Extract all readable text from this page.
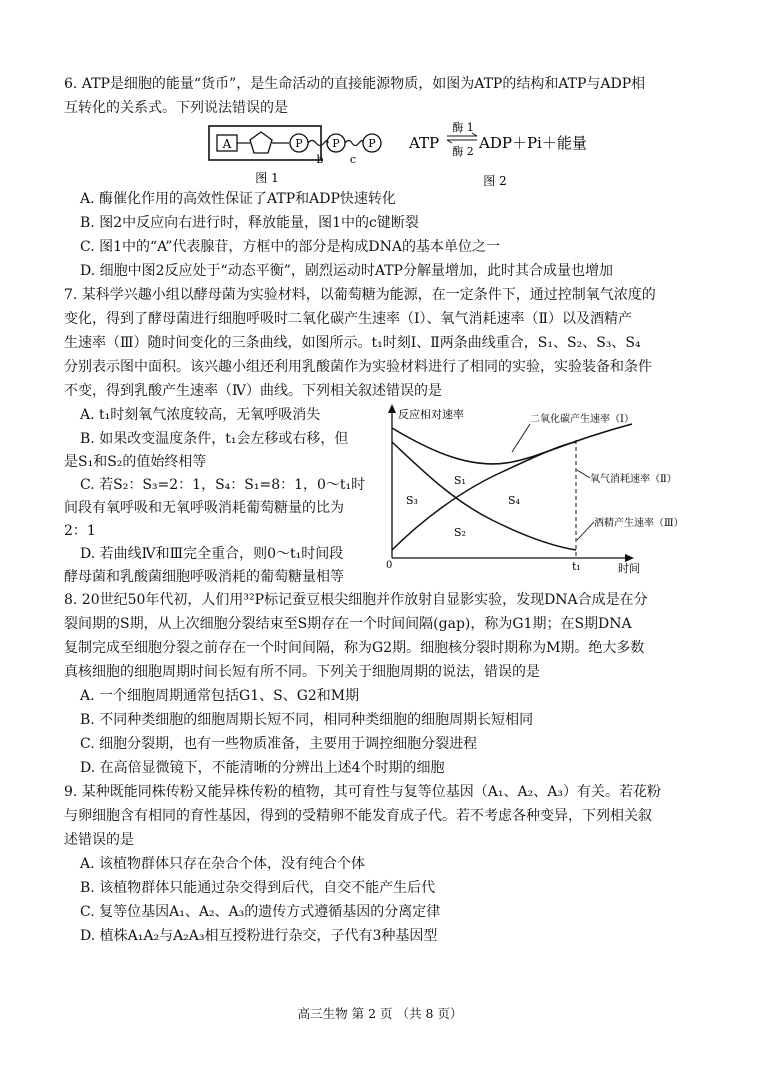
6. ATP是细胞的能量“货币”，是生命活动的直接能源物质，如图为ATP的结构和ATP与ADP相
互转化的关系式。下列说法错误的是
A	P	P	P
b c
图 1
ATP
酶 1
酶 2 ADP＋Pi＋能量
图 2
A. 酶催化作用的高效性保证了ATP和ADP快速转化
B. 图2中反应向右进行时，释放能量，图1中的c键断裂
C. 图1中的“A”代表腺苷，方框中的部分是构成DNA的基本单位之一
D. 细胞中图2反应处于“动态平衡”，剧烈运动时ATP分解量增加，此时其合成量也增加
7. 某科学兴趣小组以酵母菌为实验材料，以葡萄糖为能源，在一定条件下，通过控制氧气浓度的
变化，得到了酵母菌进行细胞呼吸时二氧化碳产生速率（Ⅰ）、氧气消耗速率（Ⅱ）以及酒精产
生速率（Ⅲ）随时间变化的三条曲线，如图所示。t₁时刻Ⅰ、Ⅱ两条曲线重合，S₁、S₂、S₃、S₄
分别表示图中面积。该兴趣小组还利用乳酸菌作为实验材料进行了相同的实验，实验装备和条件
不变，得到乳酸产生速率（Ⅳ）曲线。下列相关叙述错误的是
A. t₁时刻氧气浓度较高，无氧呼吸消失
B. 如果改变温度条件，t₁会左移或右移，但
是S₁和S₂的值始终相等
C. 若S₂：S₃=2：1，S₄：S₁=8：1，0～t₁时
间段有氧呼吸和无氧呼吸消耗葡萄糖量的比为
2：1
D. 若曲线Ⅳ和Ⅲ完全重合，则0～t₁时间段
酵母菌和乳酸菌细胞呼吸消耗的葡萄糖量相等
反应相对速率
时间
0	t₁
二氧化碳产生速率（Ⅰ）
氧气消耗速率（Ⅱ）
酒精产生速率（Ⅲ）
S₁
S₃	S₄
S₂
8. 20世纪50年代初，人们用³²P标记蚕豆根尖细胞并作放射自显影实验，发现DNA合成是在分
裂间期的S期，从上次细胞分裂结束至S期存在一个时间间隔(gap)，称为G1期；在S期DNA
复制完成至细胞分裂之前存在一个时间间隔，称为G2期。细胞核分裂时期称为M期。绝大多数
真核细胞的细胞周期时间长短有所不同。下列关于细胞周期的说法，错误的是
A. 一个细胞周期通常包括G1、S、G2和M期
B. 不同种类细胞的细胞周期长短不同，相同种类细胞的细胞周期长短相同
C. 细胞分裂期，也有一些物质准备，主要用于调控细胞分裂进程
D. 在高倍显微镜下，不能清晰的分辨出上述4个时期的细胞
9. 某种既能同株传粉又能异株传粉的植物，其可育性与复等位基因（A₁、A₂、A₃）有关。若花粉
与卵细胞含有相同的育性基因，得到的受精卵不能发育成子代。若不考虑各种变异，下列相关叙
述错误的是
A. 该植物群体只存在杂合个体，没有纯合个体
B. 该植物群体只能通过杂交得到后代，自交不能产生后代
C. 复等位基因A₁、A₂、A₃的遗传方式遵循基因的分离定律
D. 植株A₁A₂与A₂A₃相互授粉进行杂交，子代有3种基因型
高三生物 第 2 页 （共 8 页）
